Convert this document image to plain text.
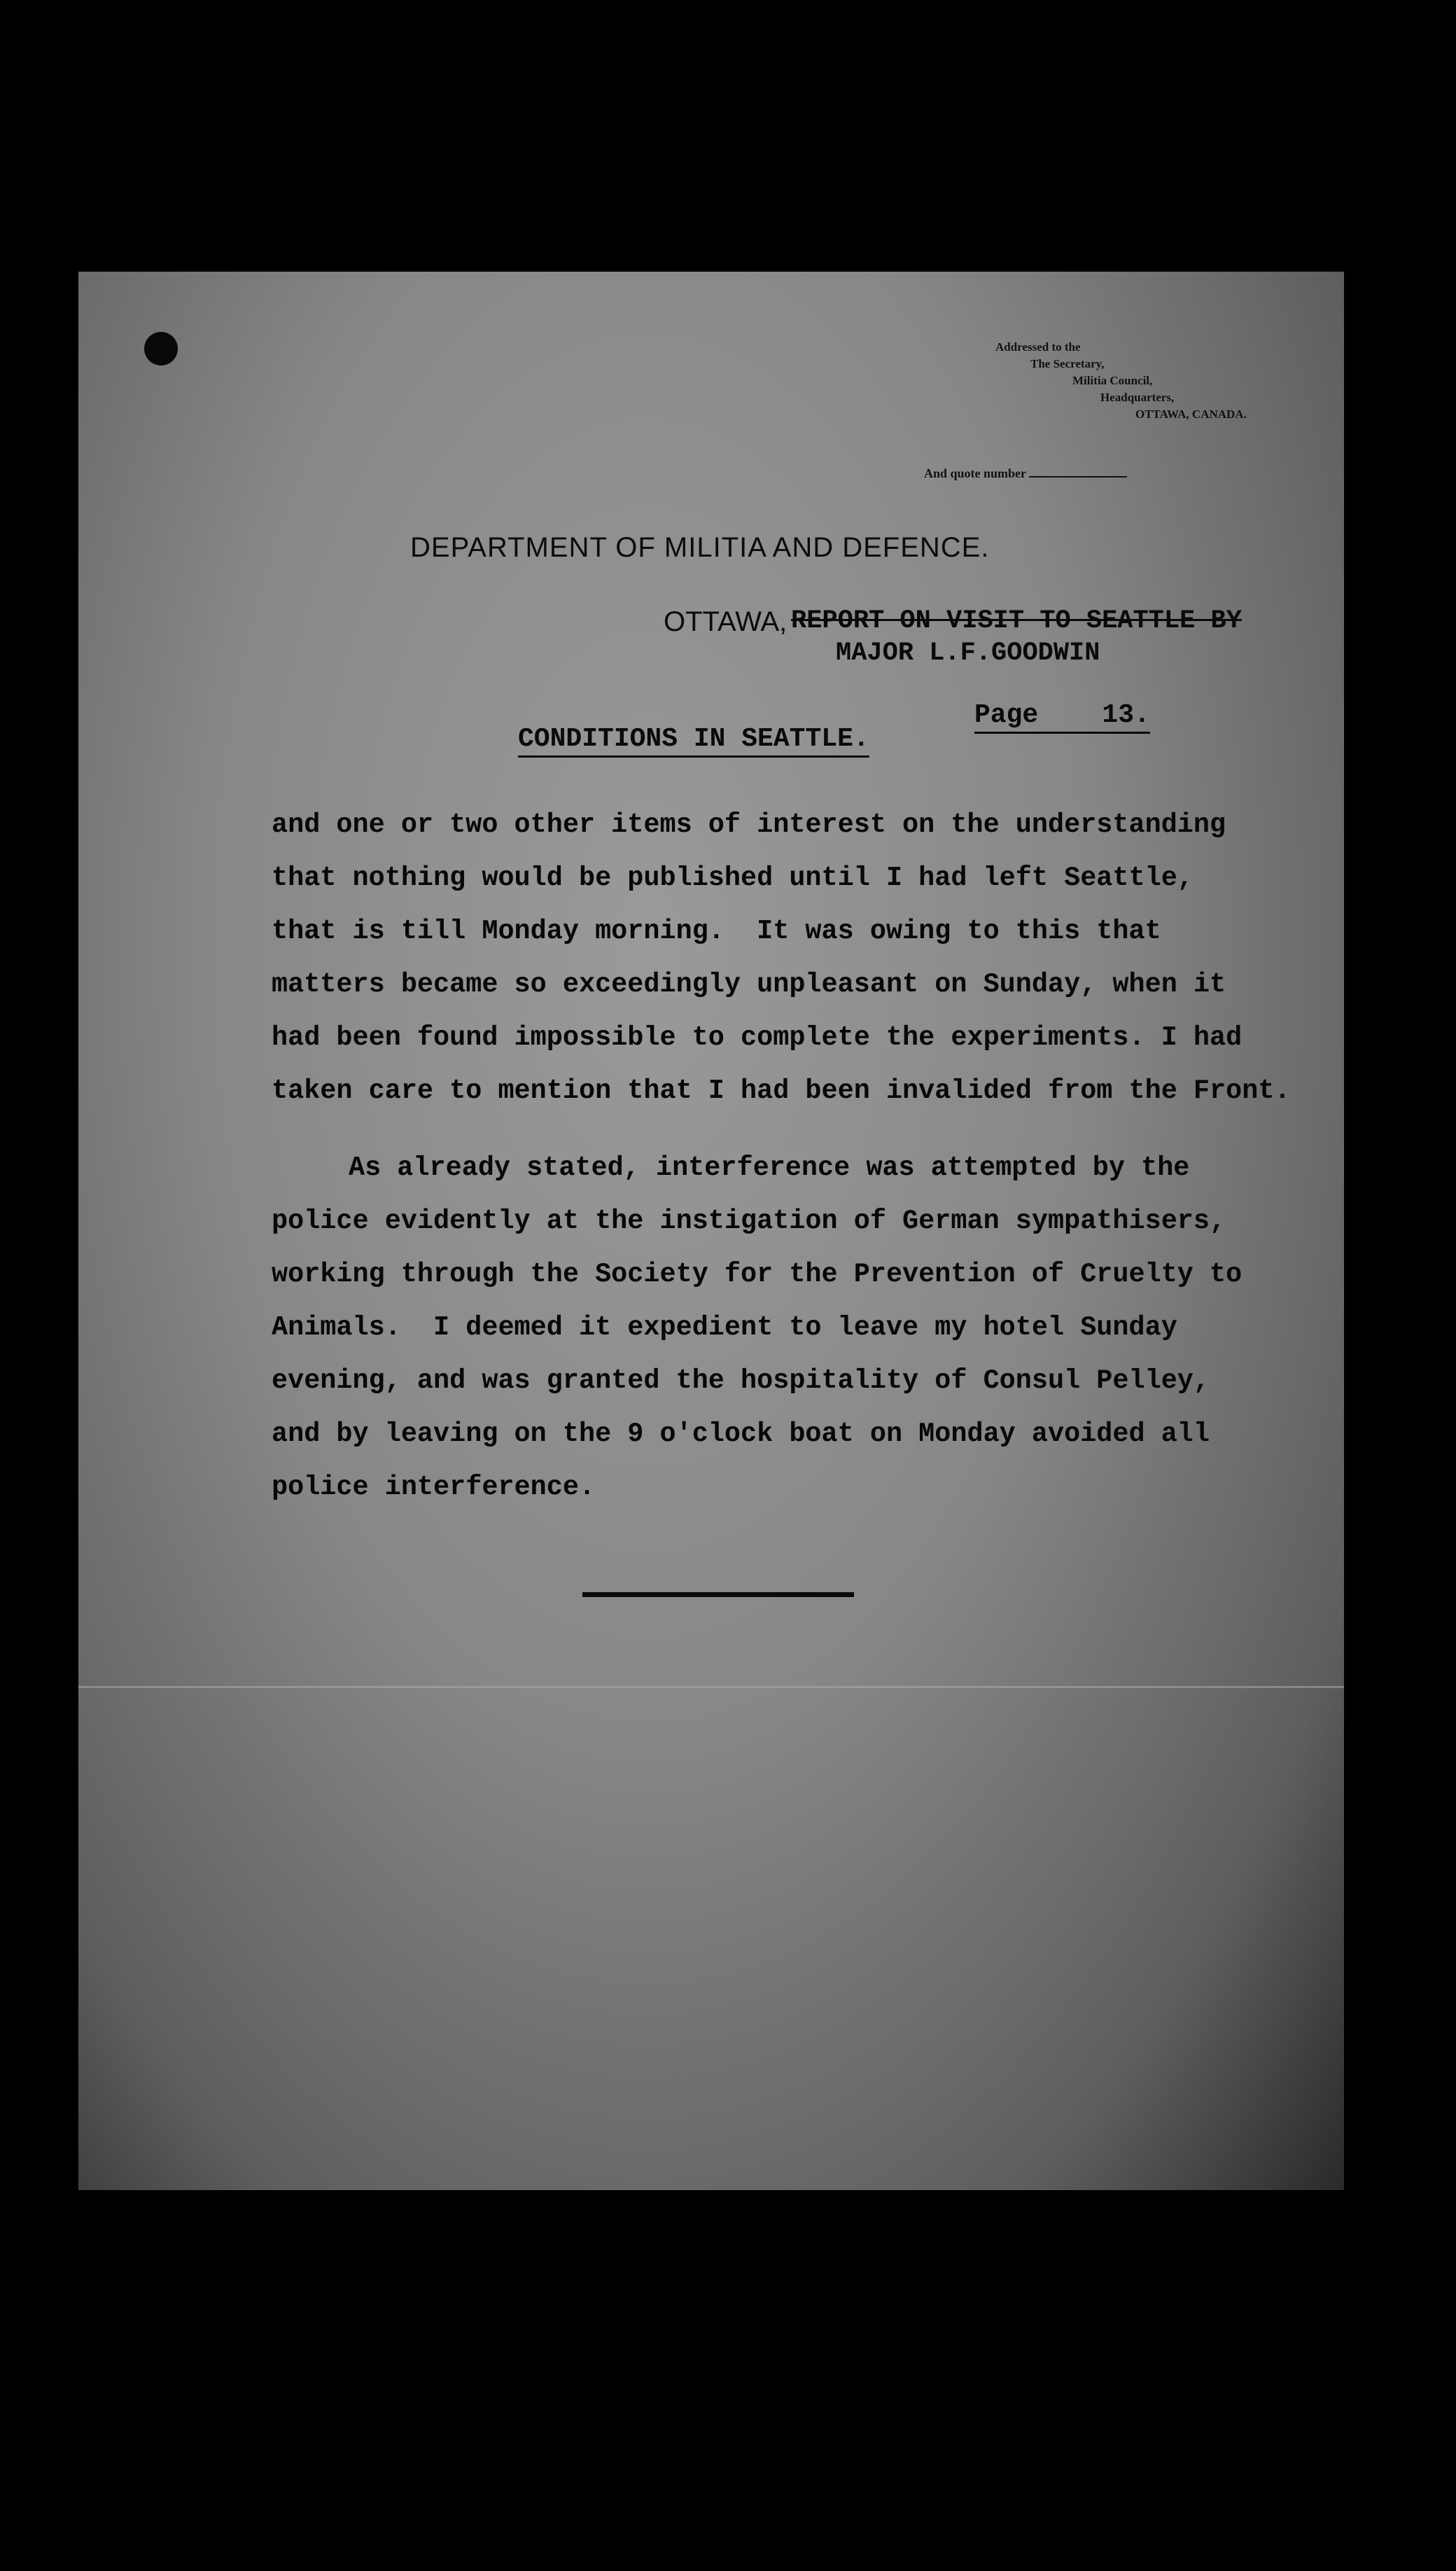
Addressed to the
The Secretary,
Militia Council,
Headquarters,
OTTAWA, CANADA.
And quote number
DEPARTMENT OF MILITIA AND DEFENCE.
OTTAWA, REPORT ON VISIT TO SEATTLE BY
MAJOR L.F.GOODWIN
Page    13.
CONDITIONS IN SEATTLE.
and one or two other items of interest on the understanding
that nothing would be published until I had left Seattle,
that is till Monday morning.  It was owing to this that
matters became so exceedingly unpleasant on Sunday, when it
had been found impossible to complete the experiments. I had
taken care to mention that I had been invalided from the Front.
As already stated, interference was attempted by the
police evidently at the instigation of German sympathisers,
working through the Society for the Prevention of Cruelty to
Animals.  I deemed it expedient to leave my hotel Sunday
evening, and was granted the hospitality of Consul Pelley,
and by leaving on the 9 o'clock boat on Monday avoided all
police interference.
